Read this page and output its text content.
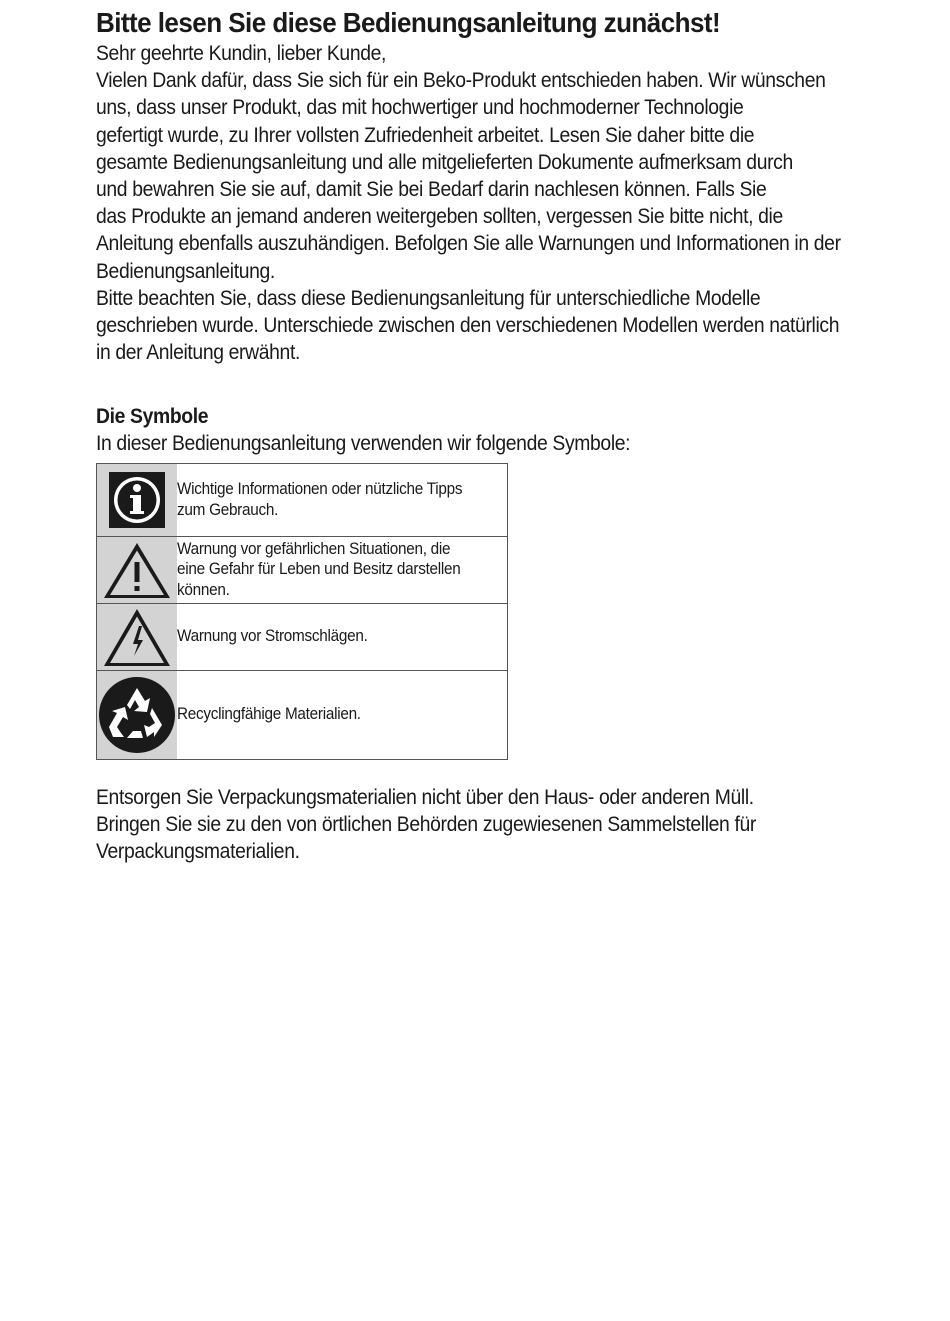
Bitte lesen Sie diese Bedienungsanleitung zunächst!

Sehr geehrte Kundin, lieber Kunde,
Vielen Dank dafür, dass Sie sich für ein Beko-Produkt entschieden haben. Wir wünschen
uns, dass unser Produkt, das mit hochwertiger und hochmoderner Technologie
gefertigt wurde, zu Ihrer vollsten Zufriedenheit arbeitet. Lesen Sie daher bitte die
gesamte Bedienungsanleitung und alle mitgelieferten Dokumente aufmerksam durch
und bewahren Sie sie auf, damit Sie bei Bedarf darin nachlesen können. Falls Sie
das Produkte an jemand anderen weitergeben sollten, vergessen Sie bitte nicht, die
Anleitung ebenfalls auszuhändigen. Befolgen Sie alle Warnungen und Informationen in der
Bedienungsanleitung.
Bitte beachten Sie, dass diese Bedienungsanleitung für unterschiedliche Modelle
geschrieben wurde. Unterschiede zwischen den verschiedenen Modellen werden natürlich
in der Anleitung erwähnt.

Die Symbole

In dieser Bedienungsanleitung verwenden wir folgende Symbole:

Wichtige Informationen oder nützliche Tipps
zum Gebrauch.

Warnung vor gefährlichen Situationen, die
eine Gefahr für Leben und Besitz darstellen
können.

Warnung vor Stromschlägen.

Recyclingfähige Materialien.

Entsorgen Sie Verpackungsmaterialien nicht über den Haus- oder anderen Müll.
Bringen Sie sie zu den von örtlichen Behörden zugewiesenen Sammelstellen für
Verpackungsmaterialien.
